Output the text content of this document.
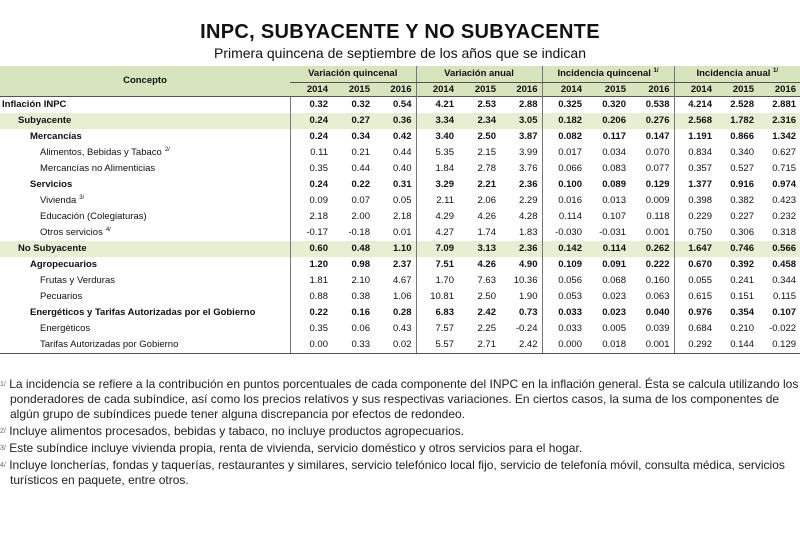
INPC, SUBYACENTE Y NO SUBYACENTE
Primera quincena de septiembre de los años que se indican
Concepto	Variación quincenal			Variación anual			Incidencia quincenal $^{1/}$			Incidencia anual $^{1/}$
	2014	2015	2016	2014	2015	2016	2014	2015	2016	2014	2015	2016
Inflación INPC	0.32	0.32	0.54	4.21	2.53	2.88	0.325	0.320	0.538	4.214	2.528	2.881
Subyacente	0.24	0.27	0.36	3.34	2.34	3.05	0.182	0.206	0.276	2.568	1.782	2.316
Mercancías	0.24	0.34	0.42	3.40	2.50	3.87	0.082	0.117	0.147	1.191	0.866	1.342
Alimentos, Bebidas y Tabaco $^{2/}$	0.11	0.21	0.44	5.35	2.15	3.99	0.017	0.034	0.070	0.834	0.340	0.627
Mercancías no Alimenticias	0.35	0.44	0.40	1.84	2.78	3.76	0.066	0.083	0.077	0.357	0.527	0.715
Servicios	0.24	0.22	0.31	3.29	2.21	2.36	0.100	0.089	0.129	1.377	0.916	0.974
Vivienda $^{3/}$	0.09	0.07	0.05	2.11	2.06	2.29	0.016	0.013	0.009	0.398	0.382	0.423
Educación (Colegiaturas)	2.18	2.00	2.18	4.29	4.26	4.28	0.114	0.107	0.118	0.229	0.227	0.232
Otros servicios $^{4/}$	-0.17	-0.18	0.01	4.27	1.74	1.83	-0.030	-0.031	0.001	0.750	0.306	0.318
No Subyacente	0.60	0.48	1.10	7.09	3.13	2.36	0.142	0.114	0.262	1.647	0.746	0.566
Agropecuarios	1.20	0.98	2.37	7.51	4.26	4.90	0.109	0.091	0.222	0.670	0.392	0.458
Frutas y Verduras	1.81	2.10	4.67	1.70	7.63	10.36	0.056	0.068	0.160	0.055	0.241	0.344
Pecuarios	0.88	0.38	1.06	10.81	2.50	1.90	0.053	0.023	0.063	0.615	0.151	0.115
Energéticos y Tarifas Autorizadas por el Gobierno	0.22	0.16	0.28	6.83	2.42	0.73	0.033	0.023	0.040	0.976	0.354	0.107
Energéticos	0.35	0.06	0.43	7.57	2.25	-0.24	0.033	0.005	0.039	0.684	0.210	-0.022
Tarifas Autorizadas por Gobierno	0.00	0.33	0.02	5.57	2.71	2.42	0.000	0.018	0.001	0.292	0.144	0.129
$^{1/}$ La incidencia se refiere a la contribución en puntos porcentuales de cada componente del INPC en la inflación general. Ésta se calcula utilizando los ponderadores de cada subíndice, así como los precios relativos y sus respectivas variaciones. En ciertos casos, la suma de los componentes de algún grupo de subíndices puede tener alguna discrepancia por efectos de redondeo.
$^{2/}$ Incluye alimentos procesados, bebidas y tabaco, no incluye productos agropecuarios.
$^{3/}$ Este subíndice incluye vivienda propia, renta de vivienda, servicio doméstico y otros servicios para el hogar.
$^{4/}$ Incluye loncherías, fondas y taquerías, restaurantes y similares, servicio telefónico local fijo, servicio de telefonía móvil, consulta médica, servicios turísticos en paquete, entre otros.
